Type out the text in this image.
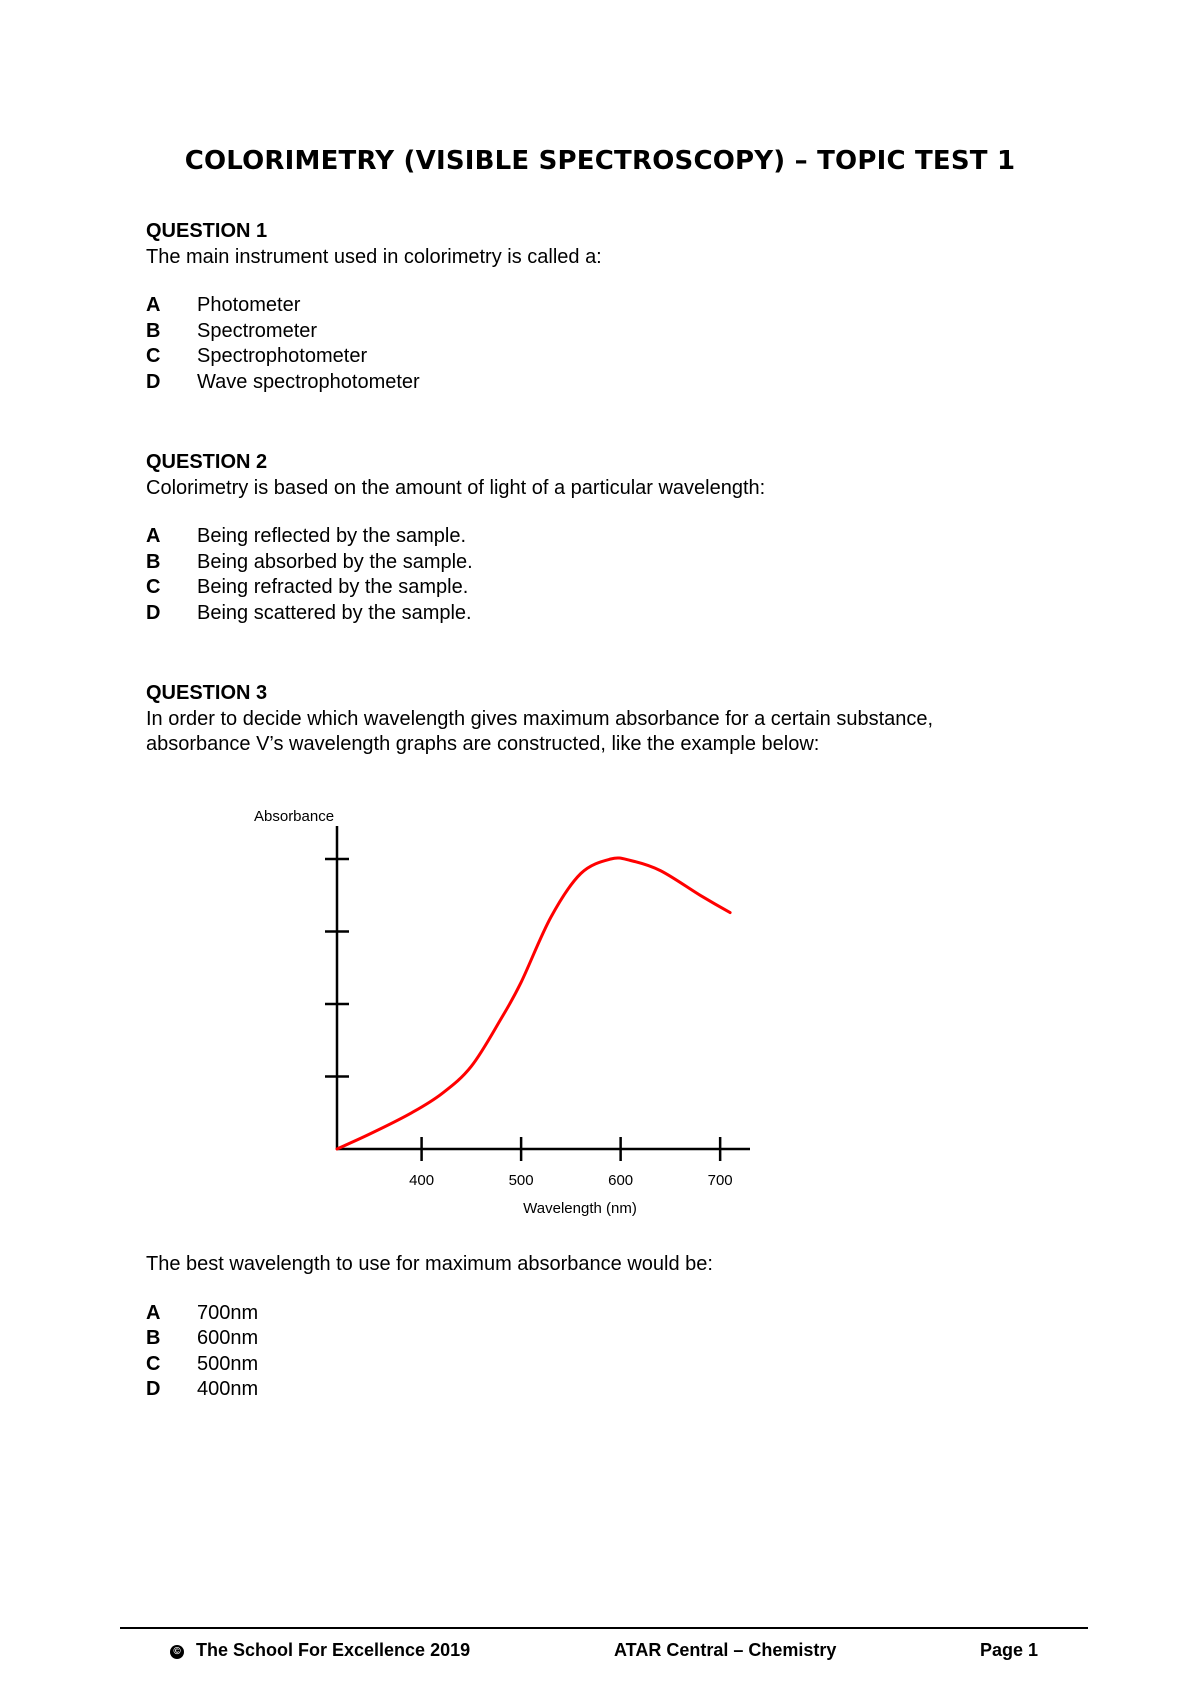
COLORIMETRY (VISIBLE SPECTROSCOPY) – TOPIC TEST 1
QUESTION 1
The main instrument used in colorimetry is called a:
A	Photometer
B	Spectrometer
C	Spectrophotometer
D	Wave spectrophotometer
QUESTION 2
Colorimetry is based on the amount of light of a particular wavelength:
A	Being reflected by the sample.
B	Being absorbed by the sample.
C	Being refracted by the sample.
D	Being scattered by the sample.
QUESTION 3
In order to decide which wavelength gives maximum absorbance for a certain substance,
absorbance V’s wavelength graphs are constructed, like the example below:
Absorbance
400	500	600	700
Wavelength (nm)
The best wavelength to use for maximum absorbance would be:
A	700nm
B	600nm
C	500nm
D	400nm
© The School For Excellence 2019	ATAR Central – Chemistry	Page 1
